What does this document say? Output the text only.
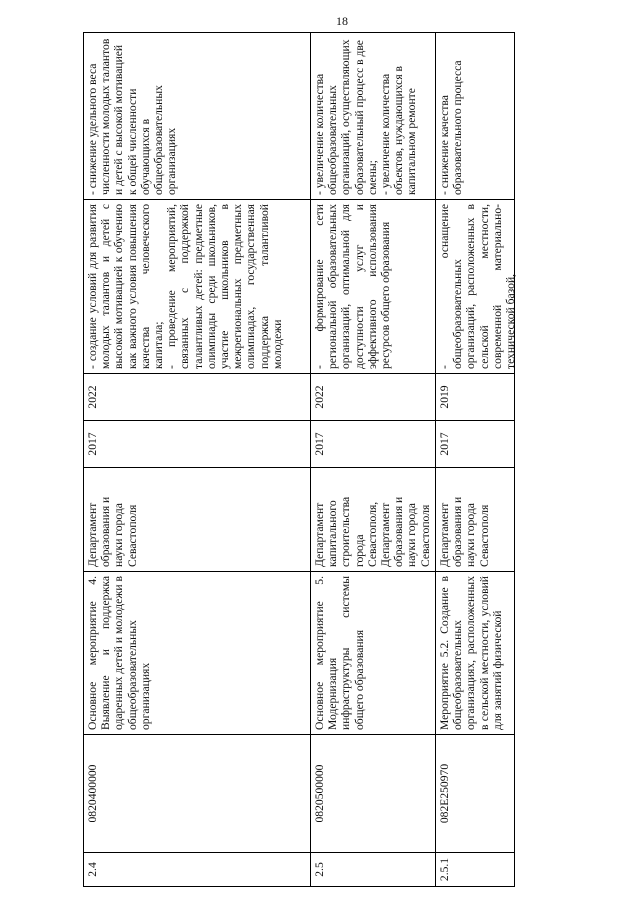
18
2.4
0820400000
Основное мероприятие 4. Выявление и поддержка одаренных детей и молодежи в общеобразовательных организациях
Департамент образования и науки города Севастополя
2017
2022
- создание условий для развития молодых талантов и детей с высокой мотивацией к обучению как важного условия повышения качества человеческого капитала;
- проведение мероприятий, связанных с поддержкой талантливых детей: предметные олимпиады среди школьников, участие школьников в межрегиональных предметных олимпиадах, государственная поддержка талантливой молодежи
- снижение удельного веса численности молодых талантов и детей с высокой мотивацией к общей численности обучающихся в общеобразовательных организациях
2.5
0820500000
Основное мероприятие 5. Модернизация инфраструктуры системы общего образования
Департамент капитального строительства города Севастополя, Департамент образования и науки города Севастополя
2017
2022
- формирование сети региональной образовательных организаций, оптимальной для доступности услуг и эффективного использования ресурсов общего образования
- увеличение количества общеобразовательных организаций, осуществляющих образовательный процесс в две смены;
- увеличение количества объектов, нуждающихся в капитальном ремонте
2.5.1
082E250970
Мероприятие 5.2. Создание в общеобразовательных организациях, расположенных в сельской местности, условий для занятий физической
Департамент образования и науки города Севастополя
2017
2019
- оснащение общеобразовательных организаций, расположенных в сельской местности, современной материально-технической базой,
- снижение качества образовательного процесса
